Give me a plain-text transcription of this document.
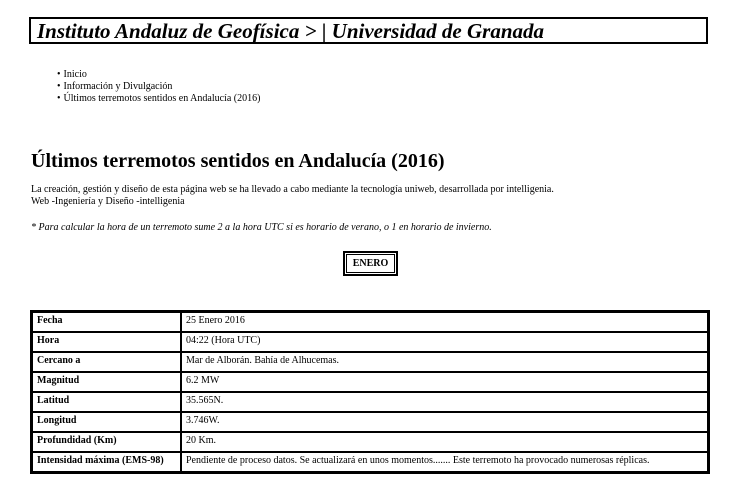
Instituto Andaluz de Geofísica > | Universidad de Granada
• Inicio
• Información y Divulgación
• Últimos terremotos sentidos en Andalucía (2016)
Últimos terremotos sentidos en Andalucía (2016)
La creación, gestión y diseño de esta página web se ha llevado a cabo mediante la tecnología uniweb, desarrollada por intelligenia.
Web -Ingeniería y Diseño -intelligenia
* Para calcular la hora de un terremoto sume 2 a la hora UTC si es horario de verano, o 1 en horario de invierno.
ENERO
Fecha	25 Enero 2016
Hora	04:22 (Hora UTC)
Cercano a	Mar de Alborán. Bahía de Alhucemas.
Magnitud	6.2 MW
Latitud	35.565N.
Longitud	3.746W.
Profundidad (Km)	20 Km.
Intensidad máxima (EMS-98)	Pendiente de proceso datos. Se actualizará en unos momentos....... Este terremoto ha provocado numerosas réplicas.
